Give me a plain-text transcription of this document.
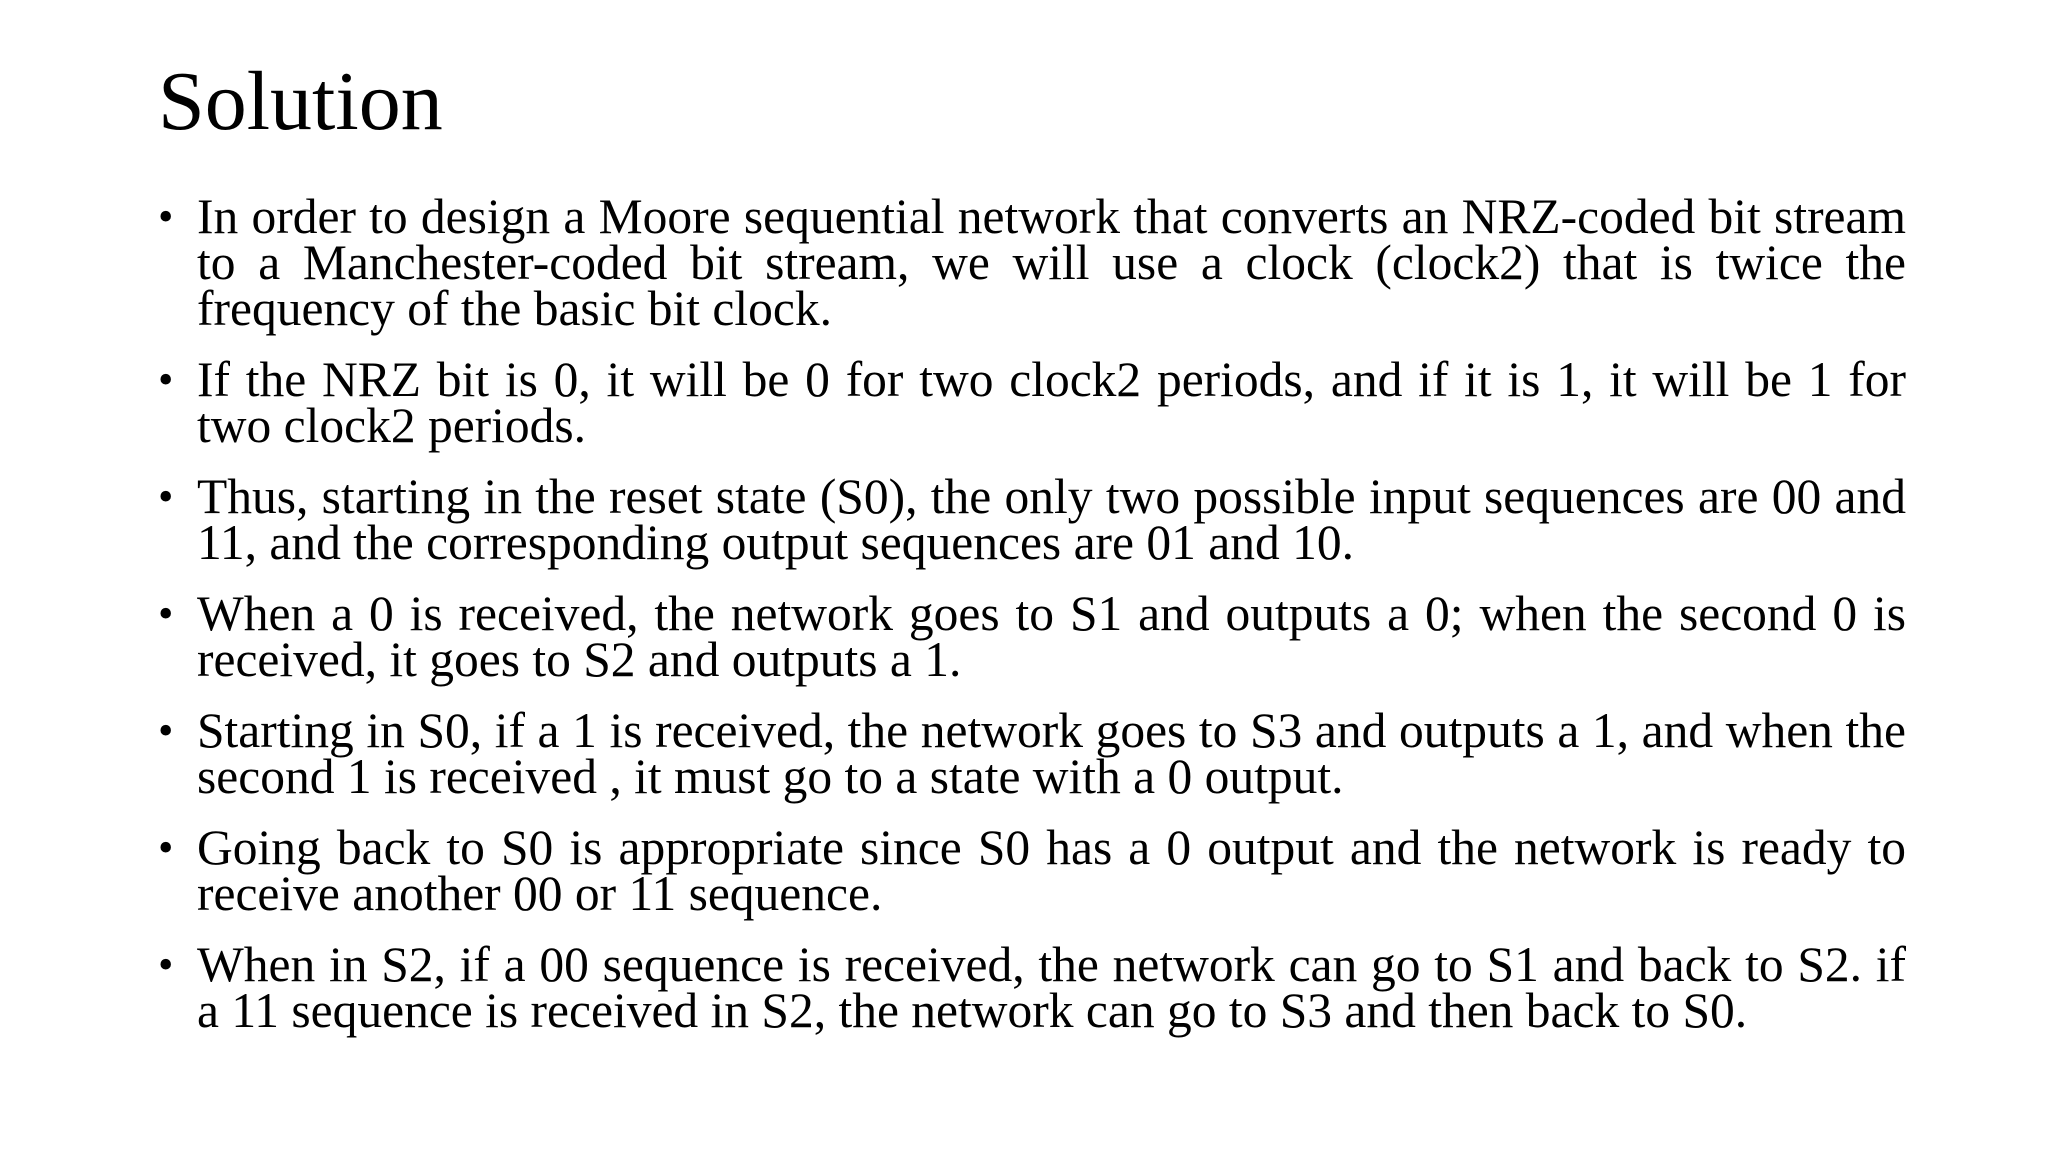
Solution
• In order to design a Moore sequential network that converts an NRZ-coded bit stream to a Manchester-coded bit stream, we will use a clock (clock2) that is twice the frequency of the basic bit clock.
• If the NRZ bit is 0, it will be 0 for two clock2 periods, and if it is 1, it will be 1 for two clock2 periods.
• Thus, starting in the reset state (S0), the only two possible input sequences are 00 and 11, and the corresponding output sequences are 01 and 10.
• When a 0 is received, the network goes to S1 and outputs a 0; when the second 0 is received, it goes to S2 and outputs a 1.
• Starting in S0, if a 1 is received, the network goes to S3 and outputs a 1, and when the second 1 is received , it must go to a state with a 0 output.
• Going back to S0 is appropriate since S0 has a 0 output and the network is ready to receive another 00 or 11 sequence.
• When in S2, if a 00 sequence is received, the network can go to S1 and back to S2. if a 11 sequence is received in S2, the network can go to S3 and then back to S0.
